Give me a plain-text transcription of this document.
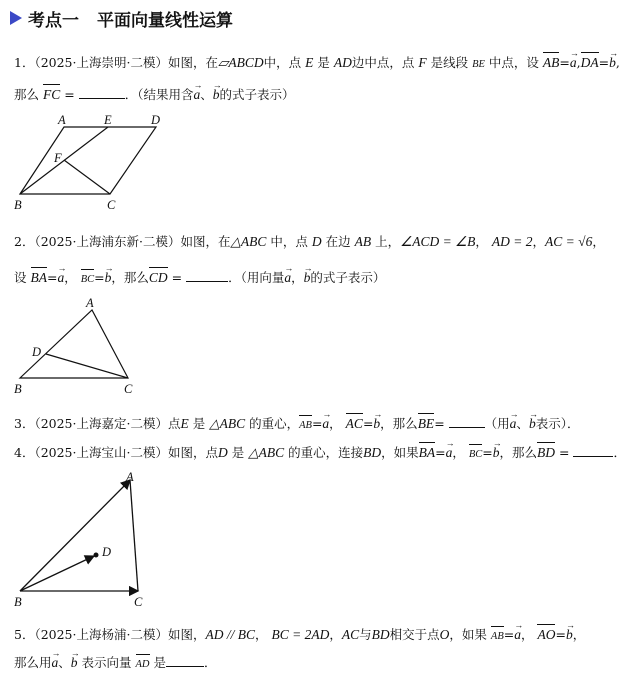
考点一 平面向量线性运算
1．（2025·上海崇明·二模）如图，在▱ABCD中，点 E 是 AD边中点，点 F 是线段 BE 中点，设 AB=→ a,DA=→ b,
那么 FC =	．（结果用含→ a、→ b的式子表示）
A	E	D
F
B	C
2．（2025·上海浦东新·二模）如图，在△ABC 中，点 D 在边 AB 上，∠ACD = ∠B， AD = 2，AC = √6，
设 BA=→ a， BC=→ b，那么CD =	．（用向量→ a，→ b的式子表示）
A
D
B	C
3．（2025·上海嘉定·二模）点E 是 △ABC 的重心，AB=→ a， AC=→ b，那么BE=	（用→ a、→ b表示）．
4．（2025·上海宝山·二模）如图，点D 是 △ABC 的重心，连接BD，如果BA=→ a， BC=→ b，那么BD =	．
A
D
B	C
5．（2025·上海杨浦·二模）如图，AD // BC， BC = 2AD，AC与BD相交于点O，如果 AB=→ a， AO=→ b，
那么用→ a、→ b 表示向量 AD 是	．
